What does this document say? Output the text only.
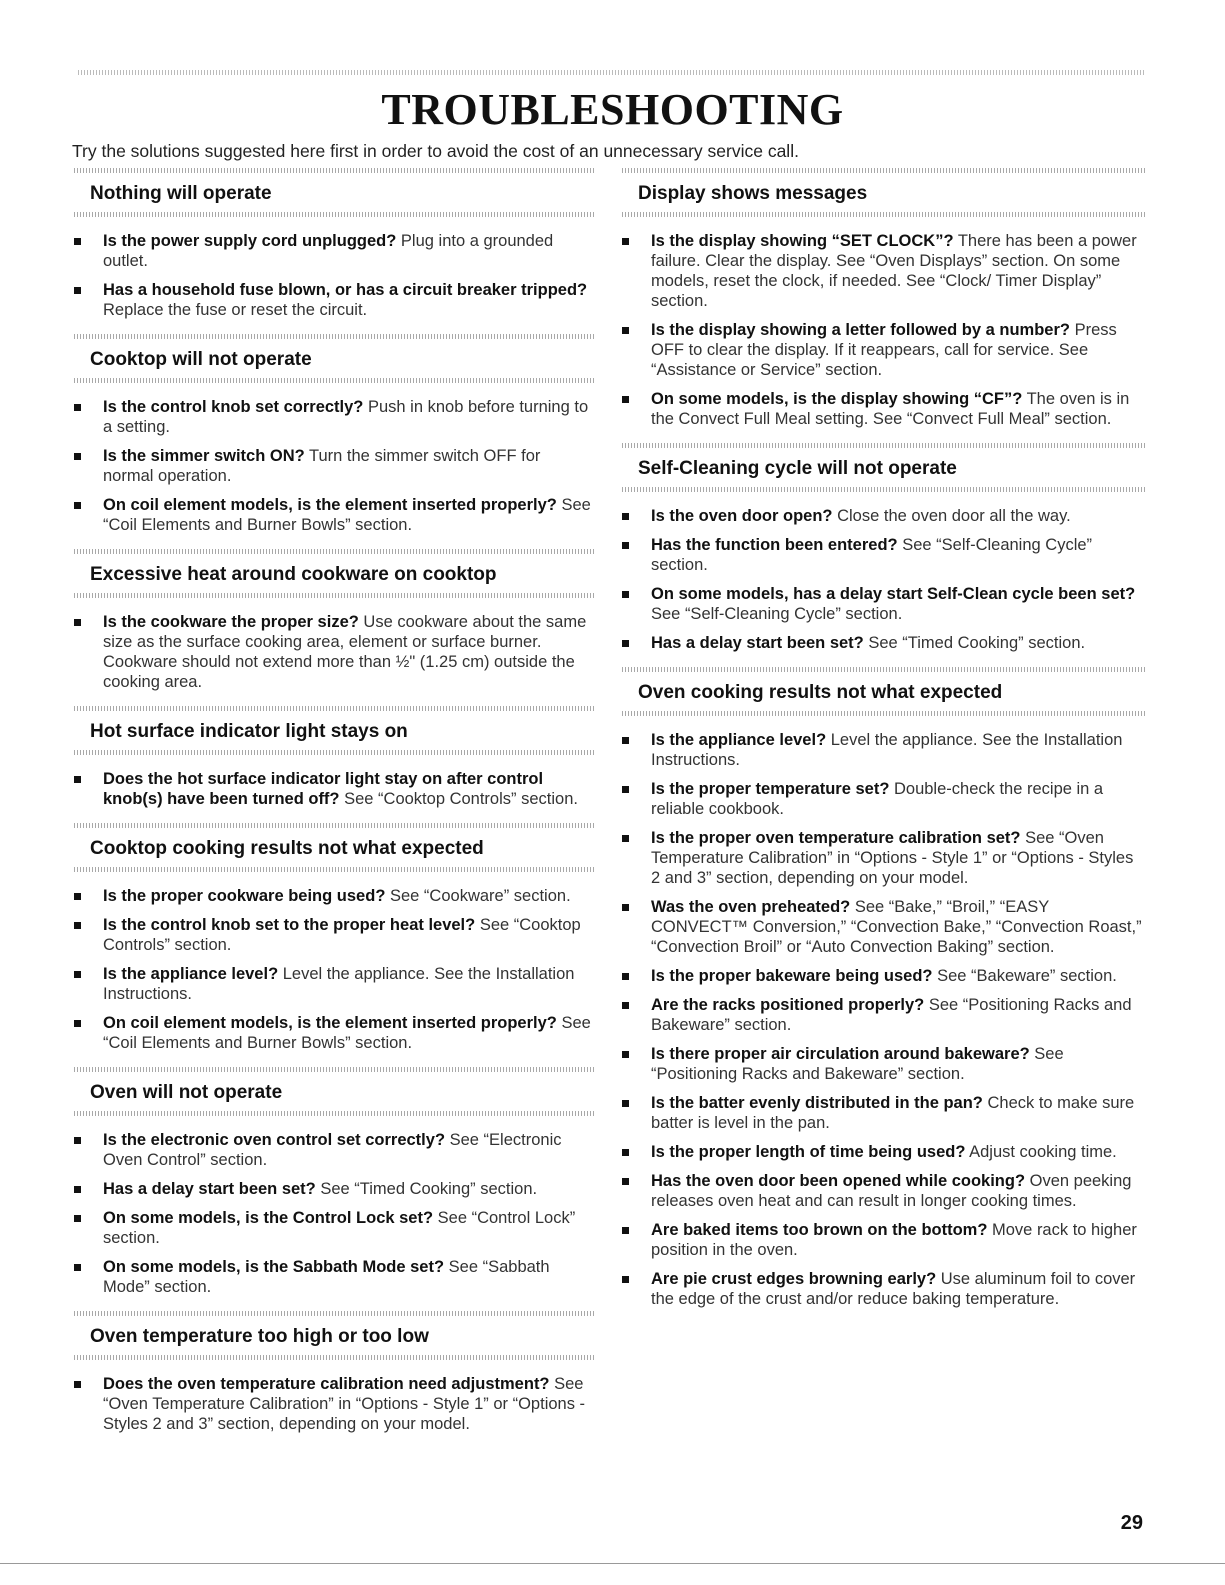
TROUBLESHOOTING
Try the solutions suggested here first in order to avoid the cost of an unnecessary service call.
Nothing will operate
Is the power supply cord unplugged? Plug into a grounded outlet.
Has a household fuse blown, or has a circuit breaker tripped? Replace the fuse or reset the circuit.
Cooktop will not operate
Is the control knob set correctly? Push in knob before turning to a setting.
Is the simmer switch ON? Turn the simmer switch OFF for normal operation.
On coil element models, is the element inserted properly? See “Coil Elements and Burner Bowls” section.
Excessive heat around cookware on cooktop
Is the cookware the proper size? Use cookware about the same size as the surface cooking area, element or surface burner. Cookware should not extend more than ½" (1.25 cm) outside the cooking area.
Hot surface indicator light stays on
Does the hot surface indicator light stay on after control knob(s) have been turned off? See “Cooktop Controls” section.
Cooktop cooking results not what expected
Is the proper cookware being used? See “Cookware” section.
Is the control knob set to the proper heat level? See “Cooktop Controls” section.
Is the appliance level? Level the appliance. See the Installation Instructions.
On coil element models, is the element inserted properly? See “Coil Elements and Burner Bowls” section.
Oven will not operate
Is the electronic oven control set correctly? See “Electronic Oven Control” section.
Has a delay start been set? See “Timed Cooking” section.
On some models, is the Control Lock set? See “Control Lock” section.
On some models, is the Sabbath Mode set? See “Sabbath Mode” section.
Oven temperature too high or too low
Does the oven temperature calibration need adjustment? See “Oven Temperature Calibration” in “Options - Style 1” or “Options - Styles 2 and 3” section, depending on your model.
Display shows messages
Is the display showing “SET CLOCK”? There has been a power failure. Clear the display. See “Oven Displays” section. On some models, reset the clock, if needed. See “Clock/ Timer Display” section.
Is the display showing a letter followed by a number? Press OFF to clear the display. If it reappears, call for service. See “Assistance or Service” section.
On some models, is the display showing “CF”? The oven is in the Convect Full Meal setting. See “Convect Full Meal” section.
Self-Cleaning cycle will not operate
Is the oven door open? Close the oven door all the way.
Has the function been entered? See “Self-Cleaning Cycle” section.
On some models, has a delay start Self-Clean cycle been set? See “Self-Cleaning Cycle” section.
Has a delay start been set? See “Timed Cooking” section.
Oven cooking results not what expected
Is the appliance level? Level the appliance. See the Installation Instructions.
Is the proper temperature set? Double-check the recipe in a reliable cookbook.
Is the proper oven temperature calibration set? See “Oven Temperature Calibration” in “Options - Style 1” or “Options - Styles 2 and 3” section, depending on your model.
Was the oven preheated? See “Bake,” “Broil,” “EASY CONVECT™ Conversion,” “Convection Bake,” “Convection Roast,” “Convection Broil” or “Auto Convection Baking” section.
Is the proper bakeware being used? See “Bakeware” section.
Are the racks positioned properly? See “Positioning Racks and Bakeware” section.
Is there proper air circulation around bakeware? See “Positioning Racks and Bakeware” section.
Is the batter evenly distributed in the pan? Check to make sure batter is level in the pan.
Is the proper length of time being used? Adjust cooking time.
Has the oven door been opened while cooking? Oven peeking releases oven heat and can result in longer cooking times.
Are baked items too brown on the bottom? Move rack to higher position in the oven.
Are pie crust edges browning early? Use aluminum foil to cover the edge of the crust and/or reduce baking temperature.
29
